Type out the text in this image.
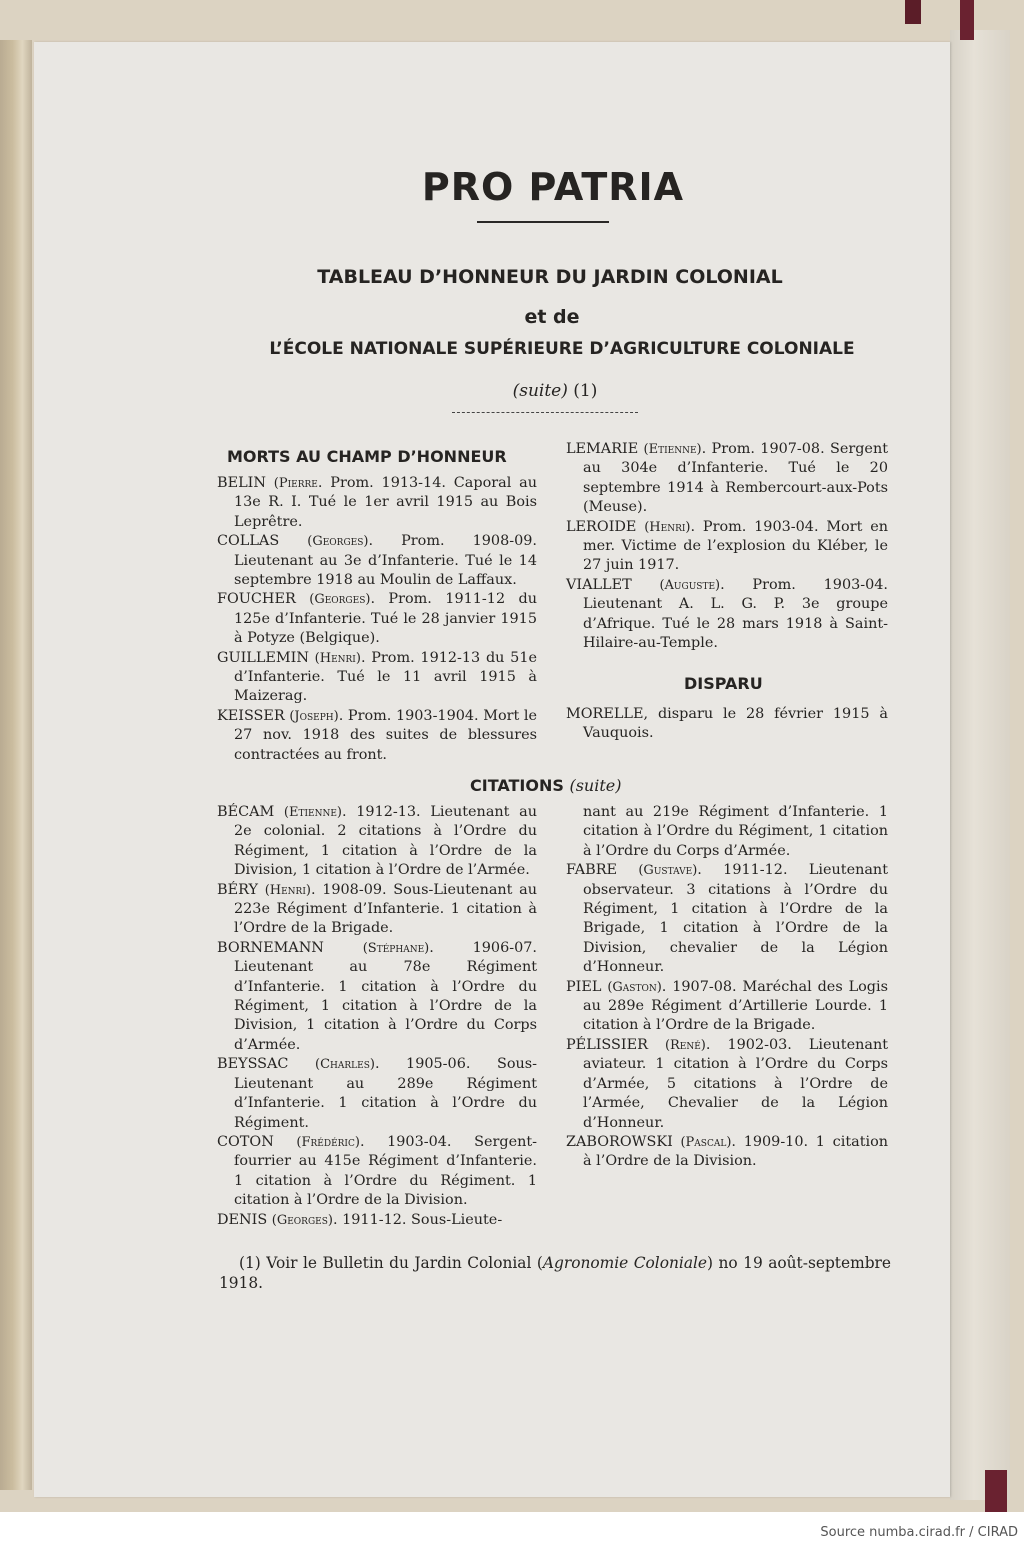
PRO PATRIA
TABLEAU D’HONNEUR DU JARDIN COLONIAL
et de
L’ÉCOLE NATIONALE SUPÉRIEURE D’AGRICULTURE COLONIALE
(suite) (1)
MORTS AU CHAMP D’HONNEUR

BELIN (Pierre. Prom. 1913-14. Caporal au 13e R. I. Tué le 1er avril 1915 au Bois Leprêtre.

COLLAS (Georges). Prom. 1908-09. Lieutenant au 3e d’Infanterie. Tué le 14 septembre 1918 au Moulin de Laffaux.

FOUCHER (Georges). Prom. 1911-12 du 125e d’Infanterie. Tué le 28 janvier 1915 à Potyze (Belgique).

GUILLEMIN (Henri). Prom. 1912-13 du 51e d’Infanterie. Tué le 11 avril 1915 à Maizerag.

KEISSER (Joseph). Prom. 1903-1904. Mort le 27 nov. 1918 des suites de blessures contractées au front.

LEMARIE (Etienne). Prom. 1907-08. Sergent au 304e d’Infanterie. Tué le 20 septembre 1914 à Rembercourt-aux-Pots (Meuse).

LEROIDE (Henri). Prom. 1903-04. Mort en mer. Victime de l’explosion du Kléber, le 27 juin 1917.

VIALLET (Auguste). Prom. 1903-04. Lieutenant A. L. G. P. 3e groupe d’Afrique. Tué le 28 mars 1918 à Saint-Hilaire-au-Temple.

DISPARU

MORELLE, disparu le 28 février 1915 à Vauquois.

CITATIONS (suite)

BÉCAM (Etienne). 1912-13. Lieutenant au 2e colonial. 2 citations à l’Ordre du Régiment, 1 citation à l’Ordre de la Division, 1 citation à l’Ordre de l’Armée.

BÉRY (Henri). 1908-09. Sous-Lieutenant au 223e Régiment d’Infanterie. 1 citation à l’Ordre de la Brigade.

BORNEMANN	(Stéphane). 1906-07. Lieutenant au 78e Régiment d’Infanterie. 1 citation à l’Ordre du Régiment, 1 citation à l’Ordre de la Division, 1 citation à l’Ordre du Corps d’Armée.

BEYSSAC (Charles). 1905-06. Sous-Lieutenant au 289e Régiment d’Infanterie. 1 citation à l’Ordre du Régiment.

COTON (Frédéric). 1903-04. Sergent-fourrier au 415e Régiment d’Infanterie. 1 citation à l’Ordre du Régiment. 1 citation à l’Ordre de la Division.

DENIS (Georges). 1911-12. Sous-Lieute-

nant au 219e Régiment d’Infanterie. 1 citation à l’Ordre du Régiment, 1 citation à l’Ordre du Corps d’Armée.

FABRE (Gustave). 1911-12. Lieutenant observateur. 3 citations à l’Ordre du Régiment, 1 citation à l’Ordre de la Brigade, 1 citation à l’Ordre de la Division, chevalier de la Légion d’Honneur.

PIEL (Gaston). 1907-08. Maréchal des Logis au 289e Régiment d’Artillerie Lourde. 1 citation à l’Ordre de la Brigade.

PÉLISSIER (René). 1902-03. Lieutenant aviateur. 1 citation à l’Ordre du Corps d’Armée, 5 citations à l’Ordre de l’Armée, Chevalier de la Légion d’Honneur.

ZABOROWSKI (Pascal). 1909-10. 1 citation à l’Ordre de la Division.

(1) Voir le Bulletin du Jardin Colonial (Agronomie Coloniale) no 19 août-septembre 1918.
Source numba.cirad.fr / CIRAD
